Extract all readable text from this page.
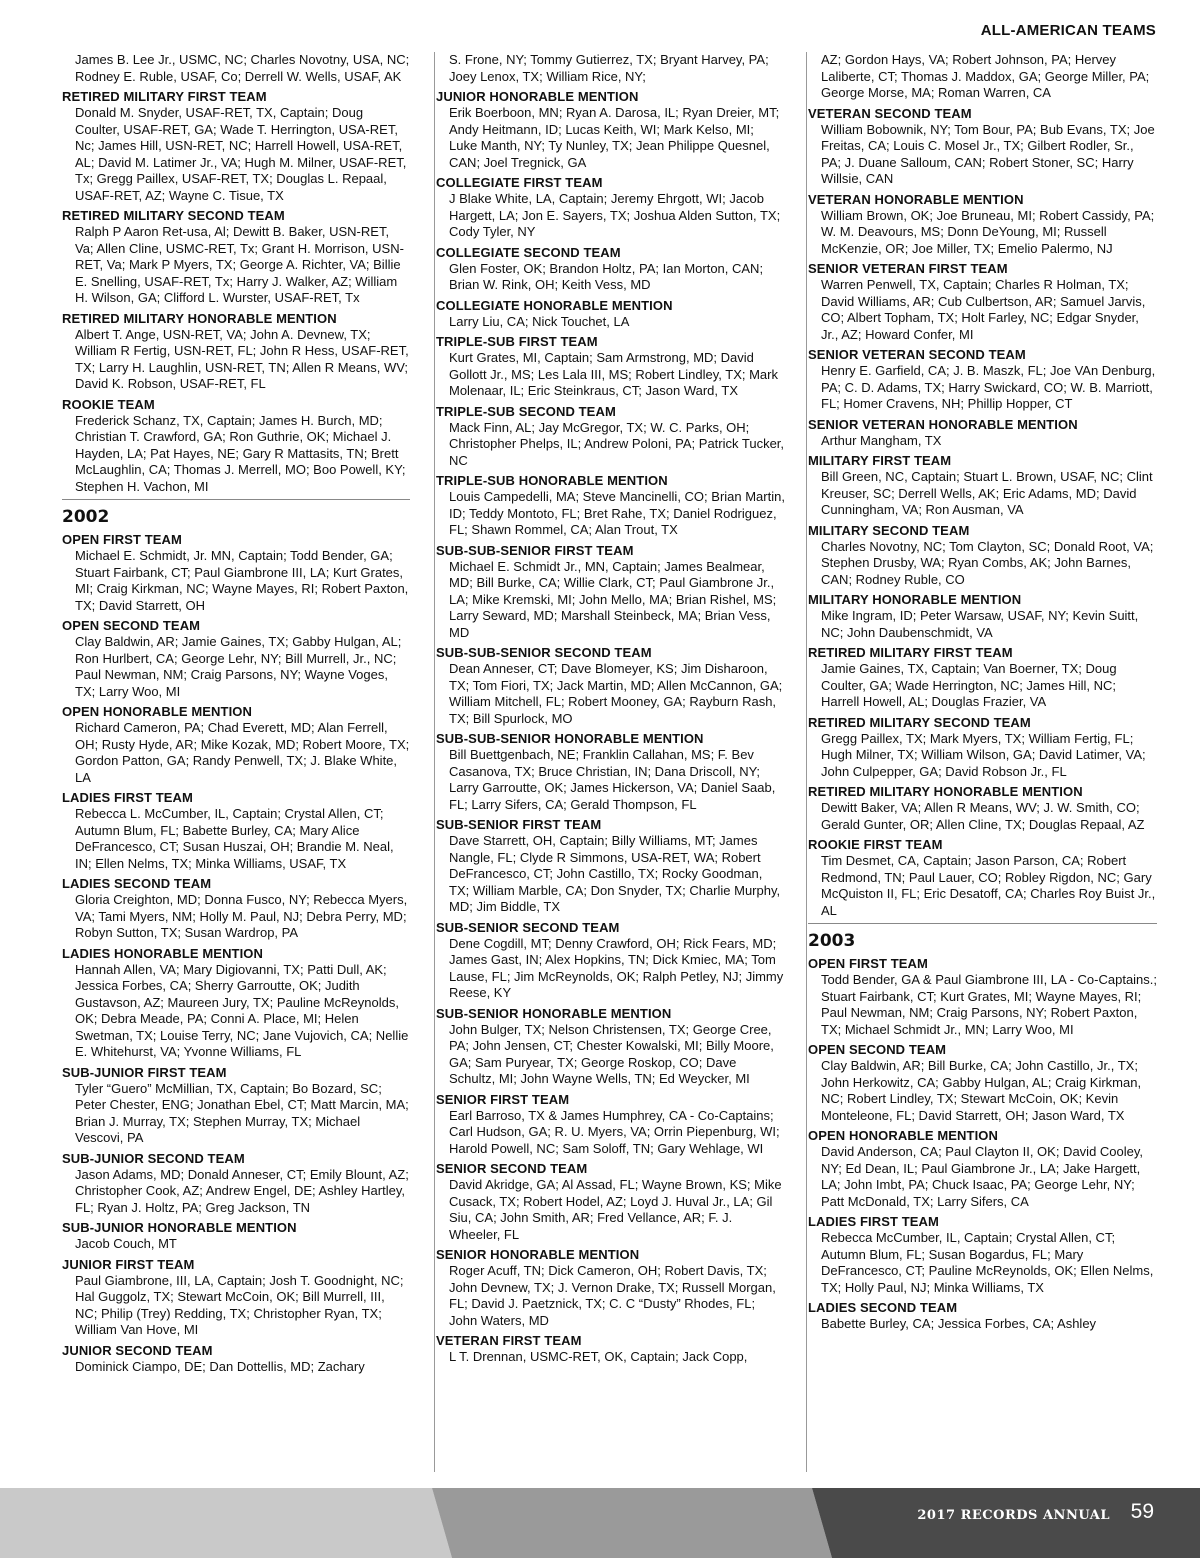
ALL-AMERICAN TEAMS
James B. Lee Jr., USMC, NC; Charles Novotny, USA, NC; Rodney E. Ruble, USAF, Co; Derrell W. Wells, USAF, AK
RETIRED MILITARY FIRST TEAM
Donald M. Snyder, USAF-RET, TX, Captain; Doug Coulter, USAF-RET, GA; Wade T. Herrington, USA-RET, Nc; James Hill, USN-RET, NC; Harrell Howell, USA-RET, AL; David M. Latimer Jr., VA; Hugh M. Milner, USAF-RET, Tx; Gregg Paillex, USAF-RET, TX; Douglas L. Repaal, USAF-RET, AZ; Wayne C. Tisue, TX
RETIRED MILITARY SECOND TEAM
Ralph P Aaron Ret-usa, Al; Dewitt B. Baker, USN-RET, Va; Allen Cline, USMC-RET, Tx; Grant H. Morrison, USN-RET, Va; Mark P Myers, TX; George A. Richter, VA; Billie E. Snelling, USAF-RET, Tx; Harry J. Walker, AZ; William H. Wilson, GA; Clifford L. Wurster, USAF-RET, Tx
RETIRED MILITARY HONORABLE MENTION
Albert T. Ange, USN-RET, VA; John A. Devnew, TX; William R Fertig, USN-RET, FL; John R Hess, USAF-RET, TX; Larry H. Laughlin, USN-RET, TN; Allen R Means, WV; David K. Robson, USAF-RET, FL
ROOKIE TEAM
Frederick Schanz, TX, Captain; James H. Burch, MD; Christian T. Crawford, GA; Ron Guthrie, OK; Michael J. Hayden, LA; Pat Hayes, NE; Gary R Mattasits, TN; Brett McLaughlin, CA; Thomas J. Merrell, MO; Boo Powell, KY; Stephen H. Vachon, MI
2002
OPEN FIRST TEAM
Michael E. Schmidt, Jr. MN, Captain; Todd Bender, GA; Stuart Fairbank, CT; Paul Giambrone III, LA; Kurt Grates, MI; Craig Kirkman, NC; Wayne Mayes, RI; Robert Paxton, TX; David Starrett, OH
OPEN SECOND TEAM
Clay Baldwin, AR; Jamie Gaines, TX; Gabby Hulgan, AL; Ron Hurlbert, CA; George Lehr, NY; Bill Murrell, Jr., NC; Paul Newman, NM; Craig Parsons, NY; Wayne Voges, TX; Larry Woo, MI
OPEN HONORABLE MENTION
Richard Cameron, PA; Chad Everett, MD; Alan Ferrell, OH; Rusty Hyde, AR; Mike Kozak, MD; Robert Moore, TX; Gordon Patton, GA; Randy Penwell, TX; J. Blake White, LA
LADIES FIRST TEAM
Rebecca L. McCumber, IL, Captain; Crystal Allen, CT; Autumn Blum, FL; Babette Burley, CA; Mary Alice DeFrancesco, CT; Susan Huszai, OH; Brandie M. Neal, IN; Ellen Nelms, TX; Minka Williams, USAF, TX
LADIES SECOND TEAM
Gloria Creighton, MD; Donna Fusco, NY; Rebecca Myers, VA; Tami Myers, NM; Holly M. Paul, NJ; Debra Perry, MD; Robyn Sutton, TX; Susan Wardrop, PA
LADIES HONORABLE MENTION
Hannah Allen, VA; Mary Digiovanni, TX; Patti Dull, AK; Jessica Forbes, CA; Sherry Garroutte, OK; Judith Gustavson, AZ; Maureen Jury, TX; Pauline McReynolds, OK; Debra Meade, PA; Conni A. Place, MI; Helen Swetman, TX; Louise Terry, NC; Jane Vujovich, CA; Nellie E. Whitehurst, VA; Yvonne Williams, FL
SUB-JUNIOR FIRST TEAM
Tyler “Guero” McMillian, TX, Captain; Bo Bozard, SC; Peter Chester, ENG; Jonathan Ebel, CT; Matt Marcin, MA; Brian J. Murray, TX; Stephen Murray, TX; Michael Vescovi, PA
SUB-JUNIOR SECOND TEAM
Jason Adams, MD; Donald Anneser, CT; Emily Blount, AZ; Christopher Cook, AZ; Andrew Engel, DE; Ashley Hartley, FL; Ryan J. Holtz, PA; Greg Jackson, TN
SUB-JUNIOR HONORABLE MENTION
Jacob Couch, MT
JUNIOR FIRST TEAM
Paul Giambrone, III, LA, Captain; Josh T. Goodnight, NC; Hal Guggolz, TX; Stewart McCoin, OK; Bill Murrell, III, NC; Philip (Trey) Redding, TX; Christopher Ryan, TX; William Van Hove, MI
JUNIOR SECOND TEAM
Dominick Ciampo, DE; Dan Dottellis, MD; Zachary
S. Frone, NY; Tommy Gutierrez, TX; Bryant Harvey, PA; Joey Lenox, TX; William Rice, NY;
JUNIOR HONORABLE MENTION
Erik Boerboon, MN; Ryan A. Darosa, IL; Ryan Dreier, MT; Andy Heitmann, ID; Lucas Keith, WI; Mark Kelso, MI; Luke Manth, NY; Ty Nunley, TX; Jean Philippe Quesnel, CAN; Joel Tregnick, GA
COLLEGIATE FIRST TEAM
J Blake White, LA, Captain; Jeremy Ehrgott, WI; Jacob Hargett, LA; Jon E. Sayers, TX; Joshua Alden Sutton, TX; Cody Tyler, NY
COLLEGIATE SECOND TEAM
Glen Foster, OK; Brandon Holtz, PA; Ian Morton, CAN; Brian W. Rink, OH; Keith Vess, MD
COLLEGIATE HONORABLE MENTION
Larry Liu, CA; Nick Touchet, LA
TRIPLE-SUB FIRST TEAM
Kurt Grates, MI, Captain; Sam Armstrong, MD; David Gollott Jr., MS; Les Lala III, MS; Robert Lindley, TX; Mark Molenaar, IL; Eric Steinkraus, CT; Jason Ward, TX
TRIPLE-SUB SECOND TEAM
Mack Finn, AL; Jay McGregor, TX; W. C. Parks, OH; Christopher Phelps, IL; Andrew Poloni, PA; Patrick Tucker, NC
TRIPLE-SUB HONORABLE MENTION
Louis Campedelli, MA; Steve Mancinelli, CO; Brian Martin, ID; Teddy Montoto, FL; Bret Rahe, TX; Daniel Rodriguez, FL; Shawn Rommel, CA; Alan Trout, TX
SUB-SUB-SENIOR FIRST TEAM
Michael E. Schmidt Jr., MN, Captain; James Bealmear, MD; Bill Burke, CA; Willie Clark, CT; Paul Giambrone Jr., LA; Mike Kremski, MI; John Mello, MA; Brian Rishel, MS; Larry Seward, MD; Marshall Steinbeck, MA; Brian Vess, MD
SUB-SUB-SENIOR SECOND TEAM
Dean Anneser, CT; Dave Blomeyer, KS; Jim Disharoon, TX; Tom Fiori, TX; Jack Martin, MD; Allen McCannon, GA; William Mitchell, FL; Robert Mooney, GA; Rayburn Rash, TX; Bill Spurlock, MO
SUB-SUB-SENIOR HONORABLE MENTION
Bill Buettgenbach, NE; Franklin Callahan, MS; F. Bev Casanova, TX; Bruce Christian, IN; Dana Driscoll, NY; Larry Garroutte, OK; James Hickerson, VA; Daniel Saab, FL; Larry Sifers, CA; Gerald Thompson, FL
SUB-SENIOR FIRST TEAM
Dave Starrett, OH, Captain; Billy Williams, MT; James Nangle, FL; Clyde R Simmons, USA-RET, WA; Robert DeFrancesco, CT; John Castillo, TX; Rocky Goodman, TX; William Marble, CA; Don Snyder, TX; Charlie Murphy, MD; Jim Biddle, TX
SUB-SENIOR SECOND TEAM
Dene Cogdill, MT; Denny Crawford, OH; Rick Fears, MD; James Gast, IN; Alex Hopkins, TN; Dick Kmiec, MA; Tom Lause, FL; Jim McReynolds, OK; Ralph Petley, NJ; Jimmy Reese, KY
SUB-SENIOR HONORABLE MENTION
John Bulger, TX; Nelson Christensen, TX; George Cree, PA; John Jensen, CT; Chester Kowalski, MI; Billy Moore, GA; Sam Puryear, TX; George Roskop, CO; Dave Schultz, MI; John Wayne Wells, TN; Ed Weycker, MI
SENIOR FIRST TEAM
Earl Barroso, TX & James Humphrey, CA - Co-Captains; Carl Hudson, GA; R. U. Myers, VA; Orrin Piepenburg, WI; Harold Powell, NC; Sam Soloff, TN; Gary Wehlage, WI
SENIOR SECOND TEAM
David Akridge, GA; Al Assad, FL; Wayne Brown, KS; Mike Cusack, TX; Robert Hodel, AZ; Loyd J. Huval Jr., LA; Gil Siu, CA; John Smith, AR; Fred Vellance, AR; F. J. Wheeler, FL
SENIOR HONORABLE MENTION
Roger Acuff, TN; Dick Cameron, OH; Robert Davis, TX; John Devnew, TX; J. Vernon Drake, TX; Russell Morgan, FL; David J. Paetznick, TX; C. C “Dusty” Rhodes, FL; John Waters, MD
VETERAN FIRST TEAM
L T. Drennan, USMC-RET, OK, Captain; Jack Copp,
AZ; Gordon Hays, VA; Robert Johnson, PA; Hervey Laliberte, CT; Thomas J. Maddox, GA; George Miller, PA; George Morse, MA; Roman Warren, CA
VETERAN SECOND TEAM
William Bobownik, NY; Tom Bour, PA; Bub Evans, TX; Joe Freitas, CA; Louis C. Mosel Jr., TX; Gilbert Rodler, Sr., PA; J. Duane Salloum, CAN; Robert Stoner, SC; Harry Willsie, CAN
VETERAN HONORABLE MENTION
William Brown, OK; Joe Bruneau, MI; Robert Cassidy, PA; W. M. Deavours, MS; Donn DeYoung, MI; Russell McKenzie, OR; Joe Miller, TX; Emelio Palermo, NJ
SENIOR VETERAN FIRST TEAM
Warren Penwell, TX, Captain; Charles R Holman, TX; David Williams, AR; Cub Culbertson, AR; Samuel Jarvis, CO; Albert Topham, TX; Holt Farley, NC; Edgar Snyder, Jr., AZ; Howard Confer, MI
SENIOR VETERAN SECOND TEAM
Henry E. Garfield, CA; J. B. Maszk, FL; Joe VAn Denburg, PA; C. D. Adams, TX; Harry Swickard, CO; W. B. Marriott, FL; Homer Cravens, NH; Phillip Hopper, CT
SENIOR VETERAN HONORABLE MENTION
Arthur Mangham, TX
MILITARY FIRST TEAM
Bill Green, NC, Captain; Stuart L. Brown, USAF, NC; Clint Kreuser, SC; Derrell Wells, AK; Eric Adams, MD; David Cunningham, VA; Ron Ausman, VA
MILITARY SECOND TEAM
Charles Novotny, NC; Tom Clayton, SC; Donald Root, VA; Stephen Drusby, WA; Ryan Combs, AK; John Barnes, CAN; Rodney Ruble, CO
MILITARY HONORABLE MENTION
Mike Ingram, ID; Peter Warsaw, USAF, NY; Kevin Suitt, NC; John Daubenschmidt, VA
RETIRED MILITARY FIRST TEAM
Jamie Gaines, TX, Captain; Van Boerner, TX; Doug Coulter, GA; Wade Herrington, NC; James Hill, NC; Harrell Howell, AL; Douglas Frazier, VA
RETIRED MILITARY SECOND TEAM
Gregg Paillex, TX; Mark Myers, TX; William Fertig, FL; Hugh Milner, TX; William Wilson, GA; David Latimer, VA; John Culpepper, GA; David Robson Jr., FL
RETIRED MILITARY HONORABLE MENTION
Dewitt Baker, VA; Allen R Means, WV; J. W. Smith, CO; Gerald Gunter, OR; Allen Cline, TX; Douglas Repaal, AZ
ROOKIE FIRST TEAM
Tim Desmet, CA, Captain; Jason Parson, CA; Robert Redmond, TN; Paul Lauer, CO; Robley Rigdon, NC; Gary McQuiston II, FL; Eric Desatoff, CA; Charles Roy Buist Jr., AL
2003
OPEN FIRST TEAM
Todd Bender, GA & Paul Giambrone III, LA - Co-Captains.; Stuart Fairbank, CT; Kurt Grates, MI; Wayne Mayes, RI; Paul Newman, NM; Craig Parsons, NY; Robert Paxton, TX; Michael Schmidt Jr., MN; Larry Woo, MI
OPEN SECOND TEAM
Clay Baldwin, AR; Bill Burke, CA; John Castillo, Jr., TX; John Herkowitz, CA; Gabby Hulgan, AL; Craig Kirkman, NC; Robert Lindley, TX; Stewart McCoin, OK; Kevin Monteleone, FL; David Starrett, OH; Jason Ward, TX
OPEN HONORABLE MENTION
David Anderson, CA; Paul Clayton II, OK; David Cooley, NY; Ed Dean, IL; Paul Giambrone Jr., LA; Jake Hargett, LA; John Imbt, PA; Chuck Isaac, PA; George Lehr, NY; Patt McDonald, TX; Larry Sifers, CA
LADIES FIRST TEAM
Rebecca McCumber, IL, Captain; Crystal Allen, CT; Autumn Blum, FL; Susan Bogardus, FL; Mary DeFrancesco, CT; Pauline McReynolds, OK; Ellen Nelms, TX; Holly Paul, NJ; Minka Williams, TX
LADIES SECOND TEAM
Babette Burley, CA; Jessica Forbes, CA; Ashley
2017 RECORDS ANNUAL 59
